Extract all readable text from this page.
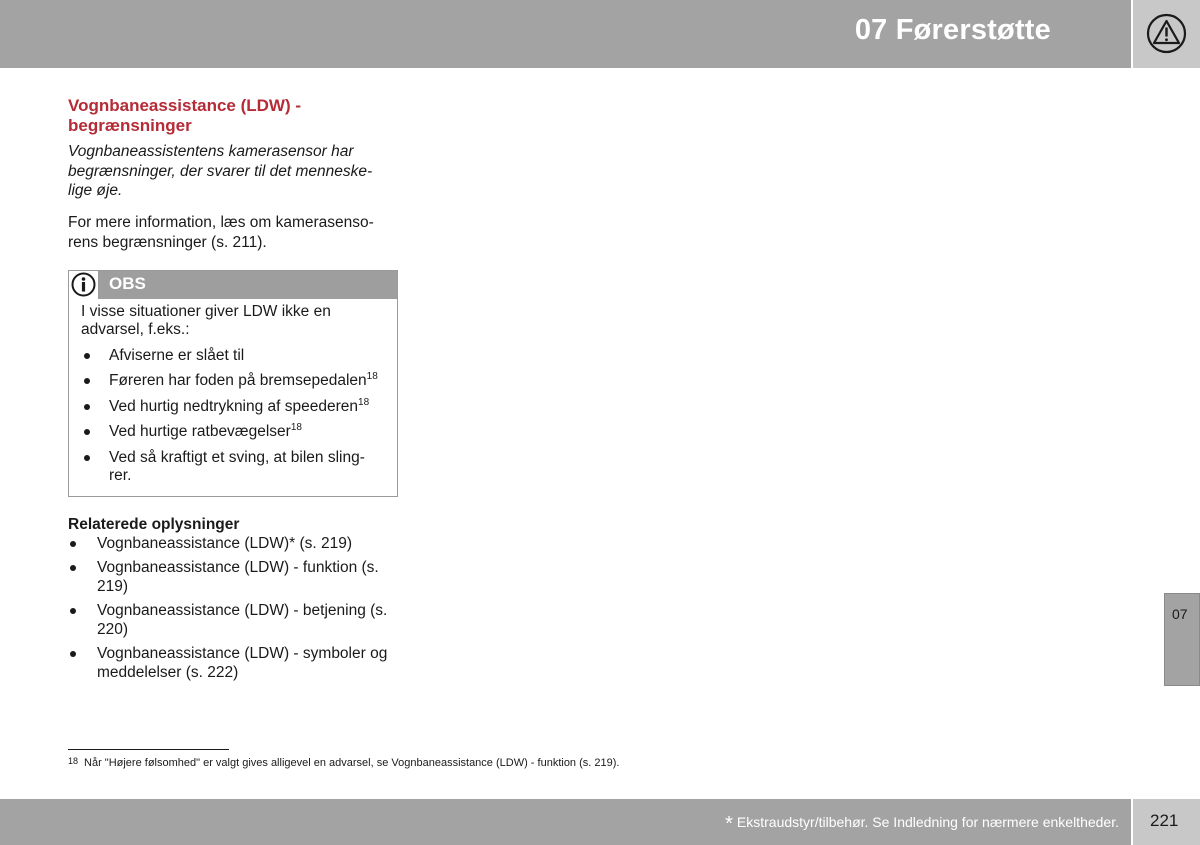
07 Førerstøtte
Vognbaneassistance (LDW) -
begrænsninger

Vognbaneassistentens kamerasensor har
begrænsninger, der svarer til det menneske-
lige øje.

For mere information, læs om kamerasenso-
rens begrænsninger (s. 211).

OBS
I visse situationer giver LDW ikke en
advarsel, f.eks.:
Afviserne er slået til
Føreren har foden på bremsepedalen$^{18}$
Ved hurtig nedtrykning af speederen$^{18}$
Ved hurtige ratbevægelser$^{18}$
Ved så kraftigt et sving, at bilen sling-
rer.
Relaterede oplysninger
Vognbaneassistance (LDW)* (s. 219)
Vognbaneassistance (LDW) - funktion (s.
219)
Vognbaneassistance (LDW) - betjening (s.
220)
Vognbaneassistance (LDW) - symboler og
meddelelser (s. 222)
07
18 Når "Højere følsomhed" er valgt gives alligevel en advarsel, se Vognbaneassistance (LDW) - funktion (s. 219).
* Ekstraudstyr/tilbehør. Se Indledning for nærmere enkeltheder. 221
